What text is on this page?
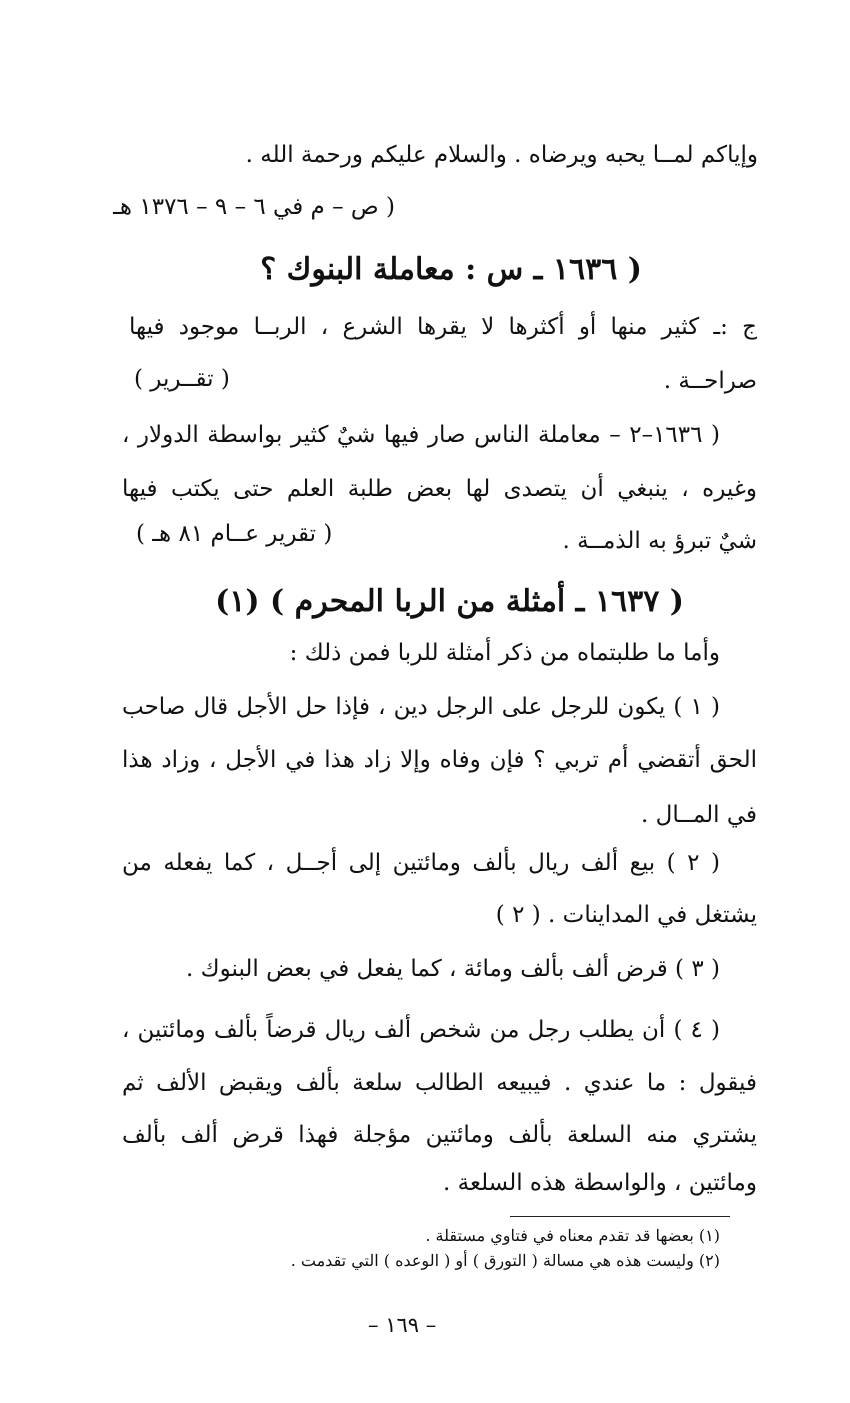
وإياكم لمــا يحبه ويرضاه . والسلام عليكم ورحمة الله .
( ص – م في ٦ – ٩ – ١٣٧٦ هـ
( ١٦٣٦ ـ س : معاملة البنوك ؟
ج :ـ كثير منها أو أكثرها لا يقرها الشرع ، الربــا موجود فيها
صراحــة .
( تقــرير )
( ١٦٣٦–٢ – معاملة الناس صار فيها شيٌ كثير بواسطة الدولار ،
وغيره ، ينبغي أن يتصدى لها بعض طلبة العلم حتى يكتب فيها
شيٌ تبرؤ به الذمــة .
( تقرير عــام ٨١ هـ )
( ١٦٣٧ ـ أمثلة من الربا المحرم ) (١)
وأما ما طلبتماه من ذكر أمثلة للربا فمن ذلك :
( ١ ) يكون للرجل على الرجل دين ، فإذا حل الأجل قال صاحب
الحق أتقضي أم تربي ؟ فإن وفاه وإلا زاد هذا في الأجل ، وزاد هذا
في المــال .
( ٢ ) بيع ألف ريال بألف ومائتين إلى أجــل ، كما يفعله من
يشتغل في المداينات . ( ٢ )
( ٣ ) قرض ألف بألف ومائة ، كما يفعل في بعض البنوك .
( ٤ ) أن يطلب رجل من شخص ألف ريال قرضاً بألف ومائتين ،
فيقول : ما عندي . فيبيعه الطالب سلعة بألف ويقبض الألف ثم
يشتري منه السلعة بألف ومائتين مؤجلة فهذا قرض ألف بألف
ومائتين ، والواسطة هذه السلعة .
(١) بعضها قد تقدم معناه في فتاوي مستقلة .
(٢) وليست هذه هي مسالة ( التورق ) أو ( الوعده ) التي تقدمت .
– ١٦٩ –
